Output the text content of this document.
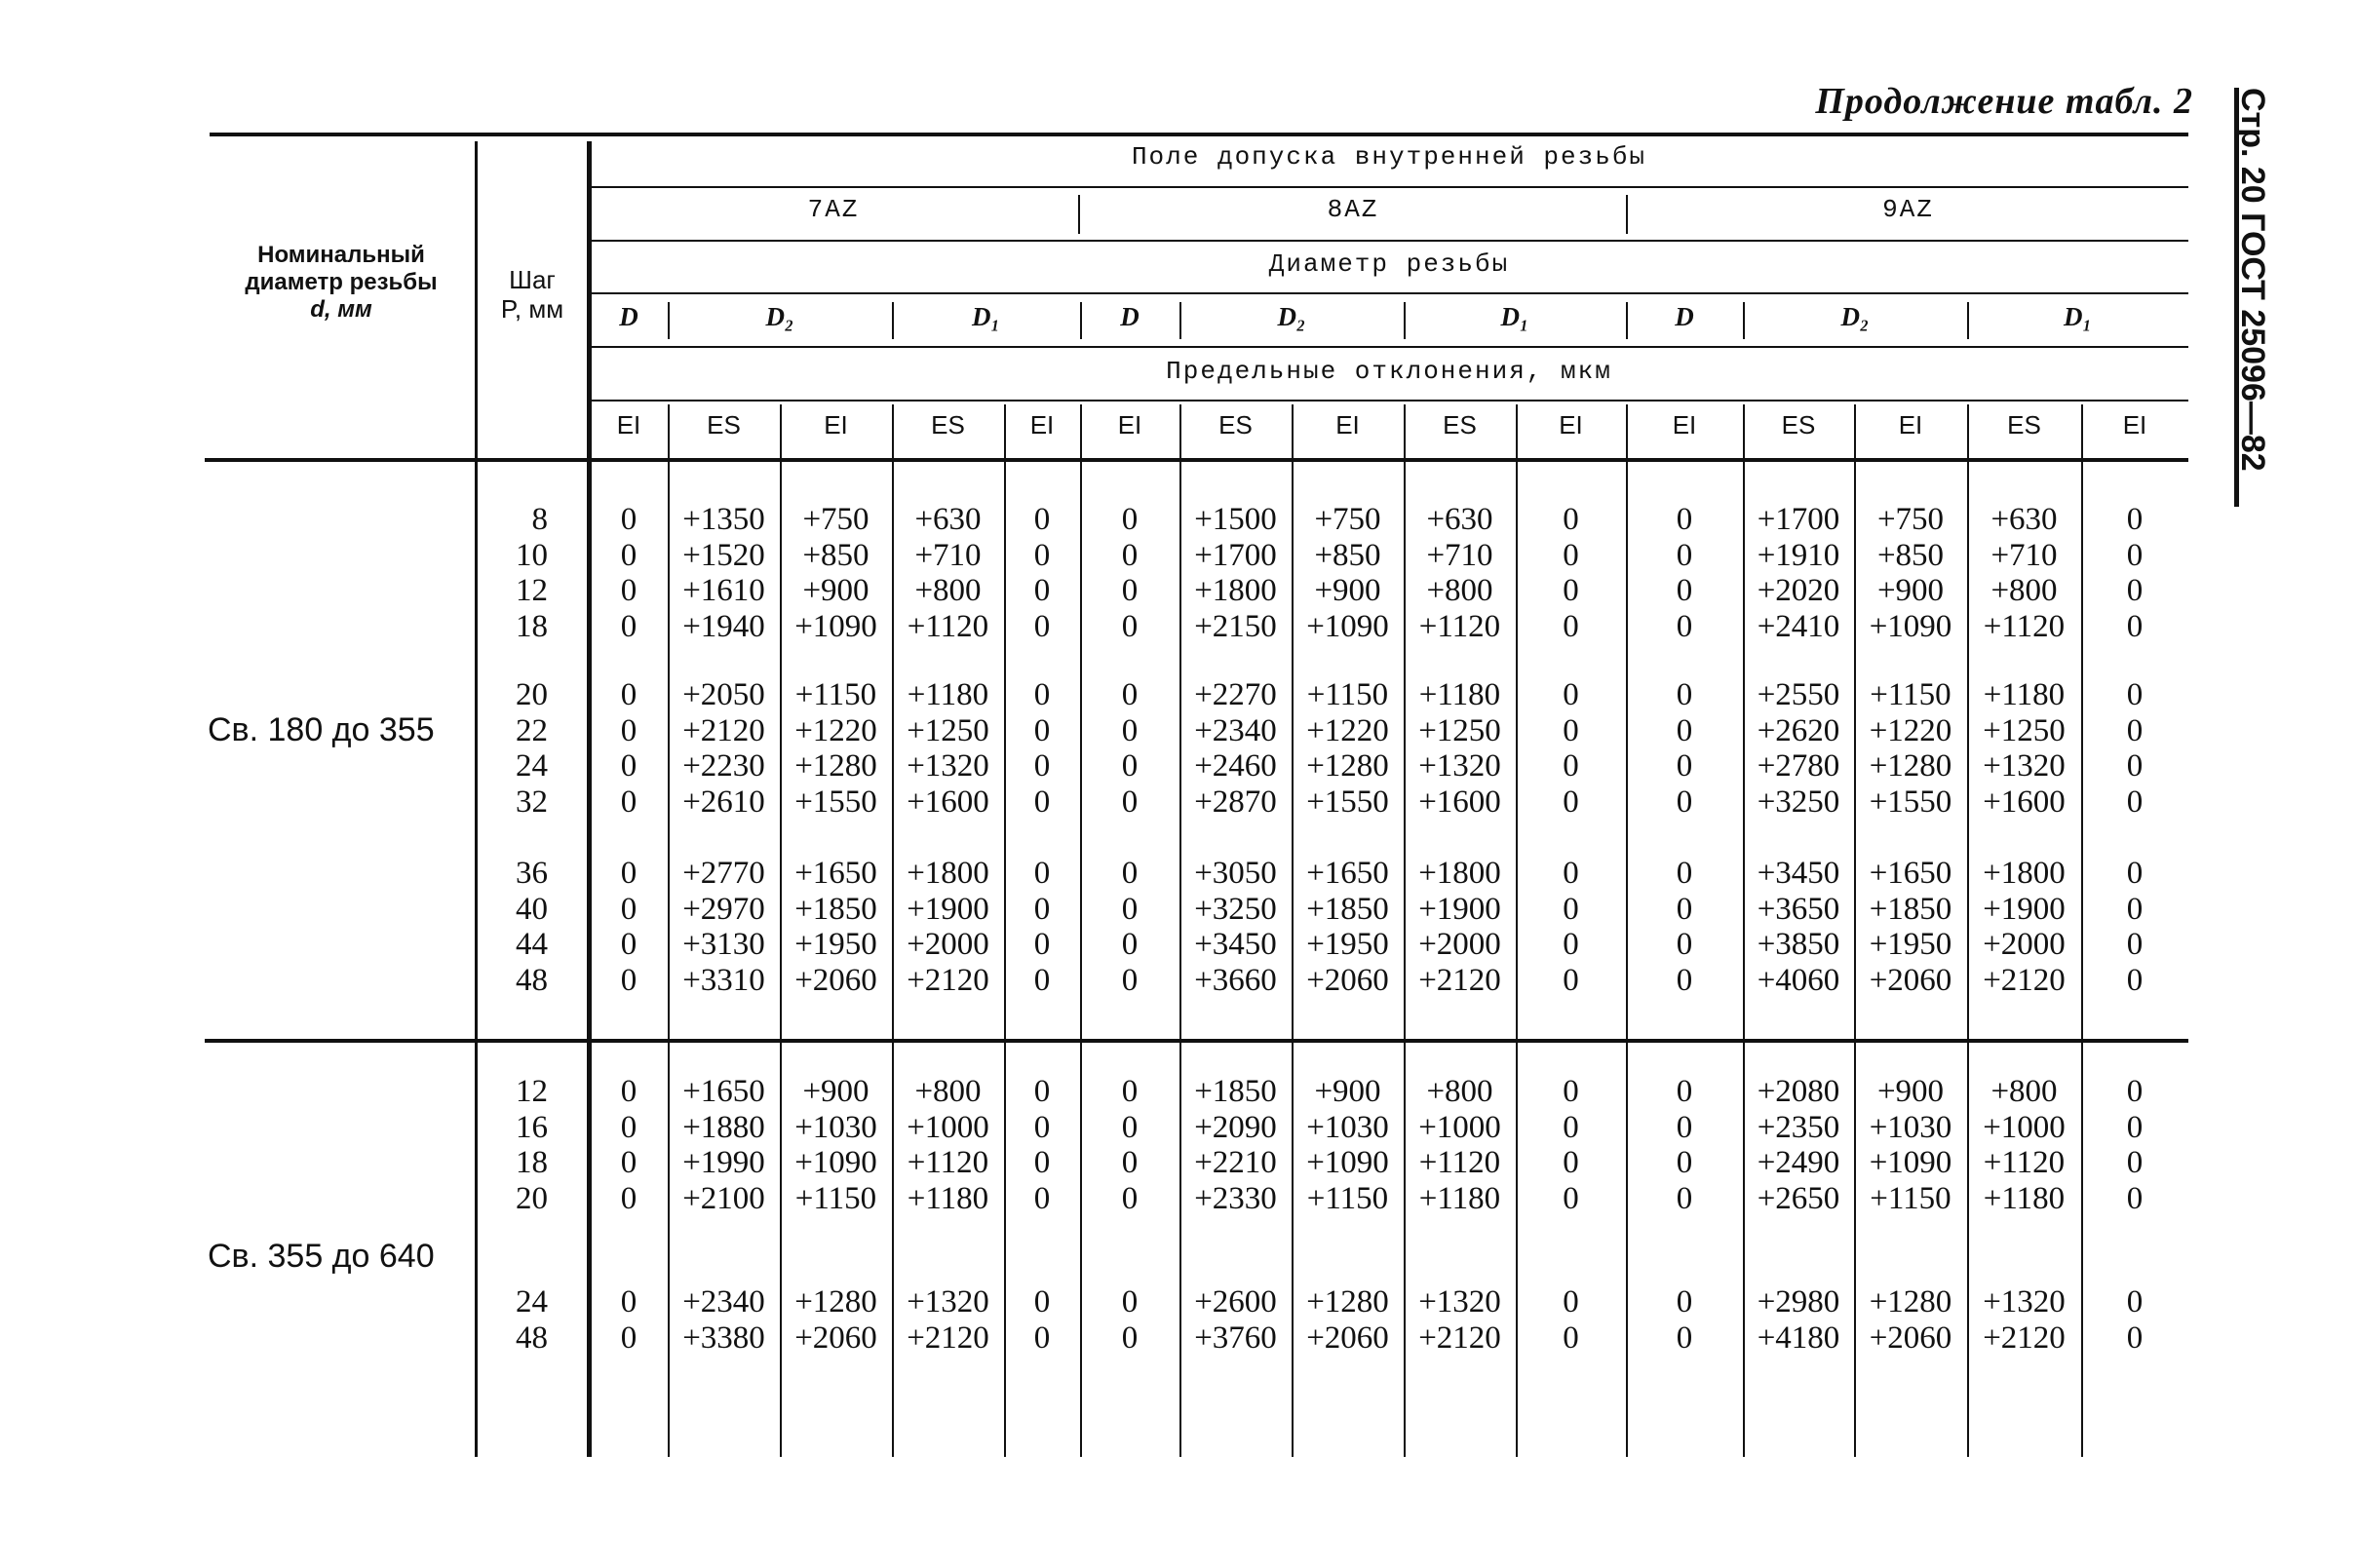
Продолжение табл. 2 Стр. 20 ГОСТ 25096—82
Номинальный
диаметр резьбы
d, мм
Шаг
P, мм
Поле допуска внутренней резьбы
7AZ	8AZ	9AZ
Диаметр резьбы
Предельные отклонения, мкм
D	D₂	D₁	D	D₂	D₁	D	D₂	D₁
EI	ES	EI	ES	EI	EI	ES	EI	ES	EI	EI	ES	EI	ES	EI
Св. 180 до 355
8	0	+1350	+750	+630	0	0	+1500	+750	+630	0	0	+1700	+750	+630	0
10	0	+1520	+850	+710	0	0	+1700	+850	+710	0	0	+1910	+850	+710	0
12	0	+1610	+900	+800	0	0	+1800	+900	+800	0	0	+2020	+900	+800	0
18	0	+1940 +1090 +1120	0	0	+2150 +1090 +1120	0	0	+2410 +1090 +1120	0
20	0	+2050 +1150 +1180	0	0	+2270 +1150 +1180	0	0	+2550 +1150	+1180	0
22	0	+2120 +1220 +1250	0	0	+2340 +1220 +1250	0	0	+2620 +1220 +1250	0
24	0	+2230 +1280 +1320	0	0	+2460 +1280 +1320	0	0	+2780 +1280 +1320	0
32	0	+2610 +1550 +1600	0	0	+2870 +1550 +1600	0	0	+3250 +1550 +1600	0
36	0	+2770 +1650 +1800	0	0	+3050 +1650 +1800	0	0	+3450 +1650 +1800	0
40	0	+2970 +1850 +1900	0	0	+3250 +1850 +1900	0	0	+3650 +1850 +1900	0
44	0	+3130 +1950 +2000	0	0	+3450 +1950 +2000	0	0	+3850 +1950 +2000	0
48	0	+3310 +2060 +2120	0	0	+3660 +2060 +2120	0	0	+4060 +2060 +2120	0
Св. 355 до 640
12	0	+1650	+900	+800	0	0	+1850	+900	+800	0	0	+2080	+900	+800	0
16	0	+1880 +1030 +1000	0	0	+2090 +1030 +1000	0	0	+2350 +1030 +1000	0
18	0	+1990 +1090 +1120	0	0	+2210 +1090 +1120	0	0	+2490 +1090 +1120	0
20	0	+2100 +1150 +1180	0	0	+2330 +1150 +1180	0	0	+2650 +1150	+1180	0
24	0	+2340 +1280 +1320	0	0	+2600 +1280 +1320	0	0	+2980 +1280 +1320	0
48	0	+3380 +2060 +2120	0	0	+3760 +2060 +2120	0	0	+4180 +2060 +2120	0
